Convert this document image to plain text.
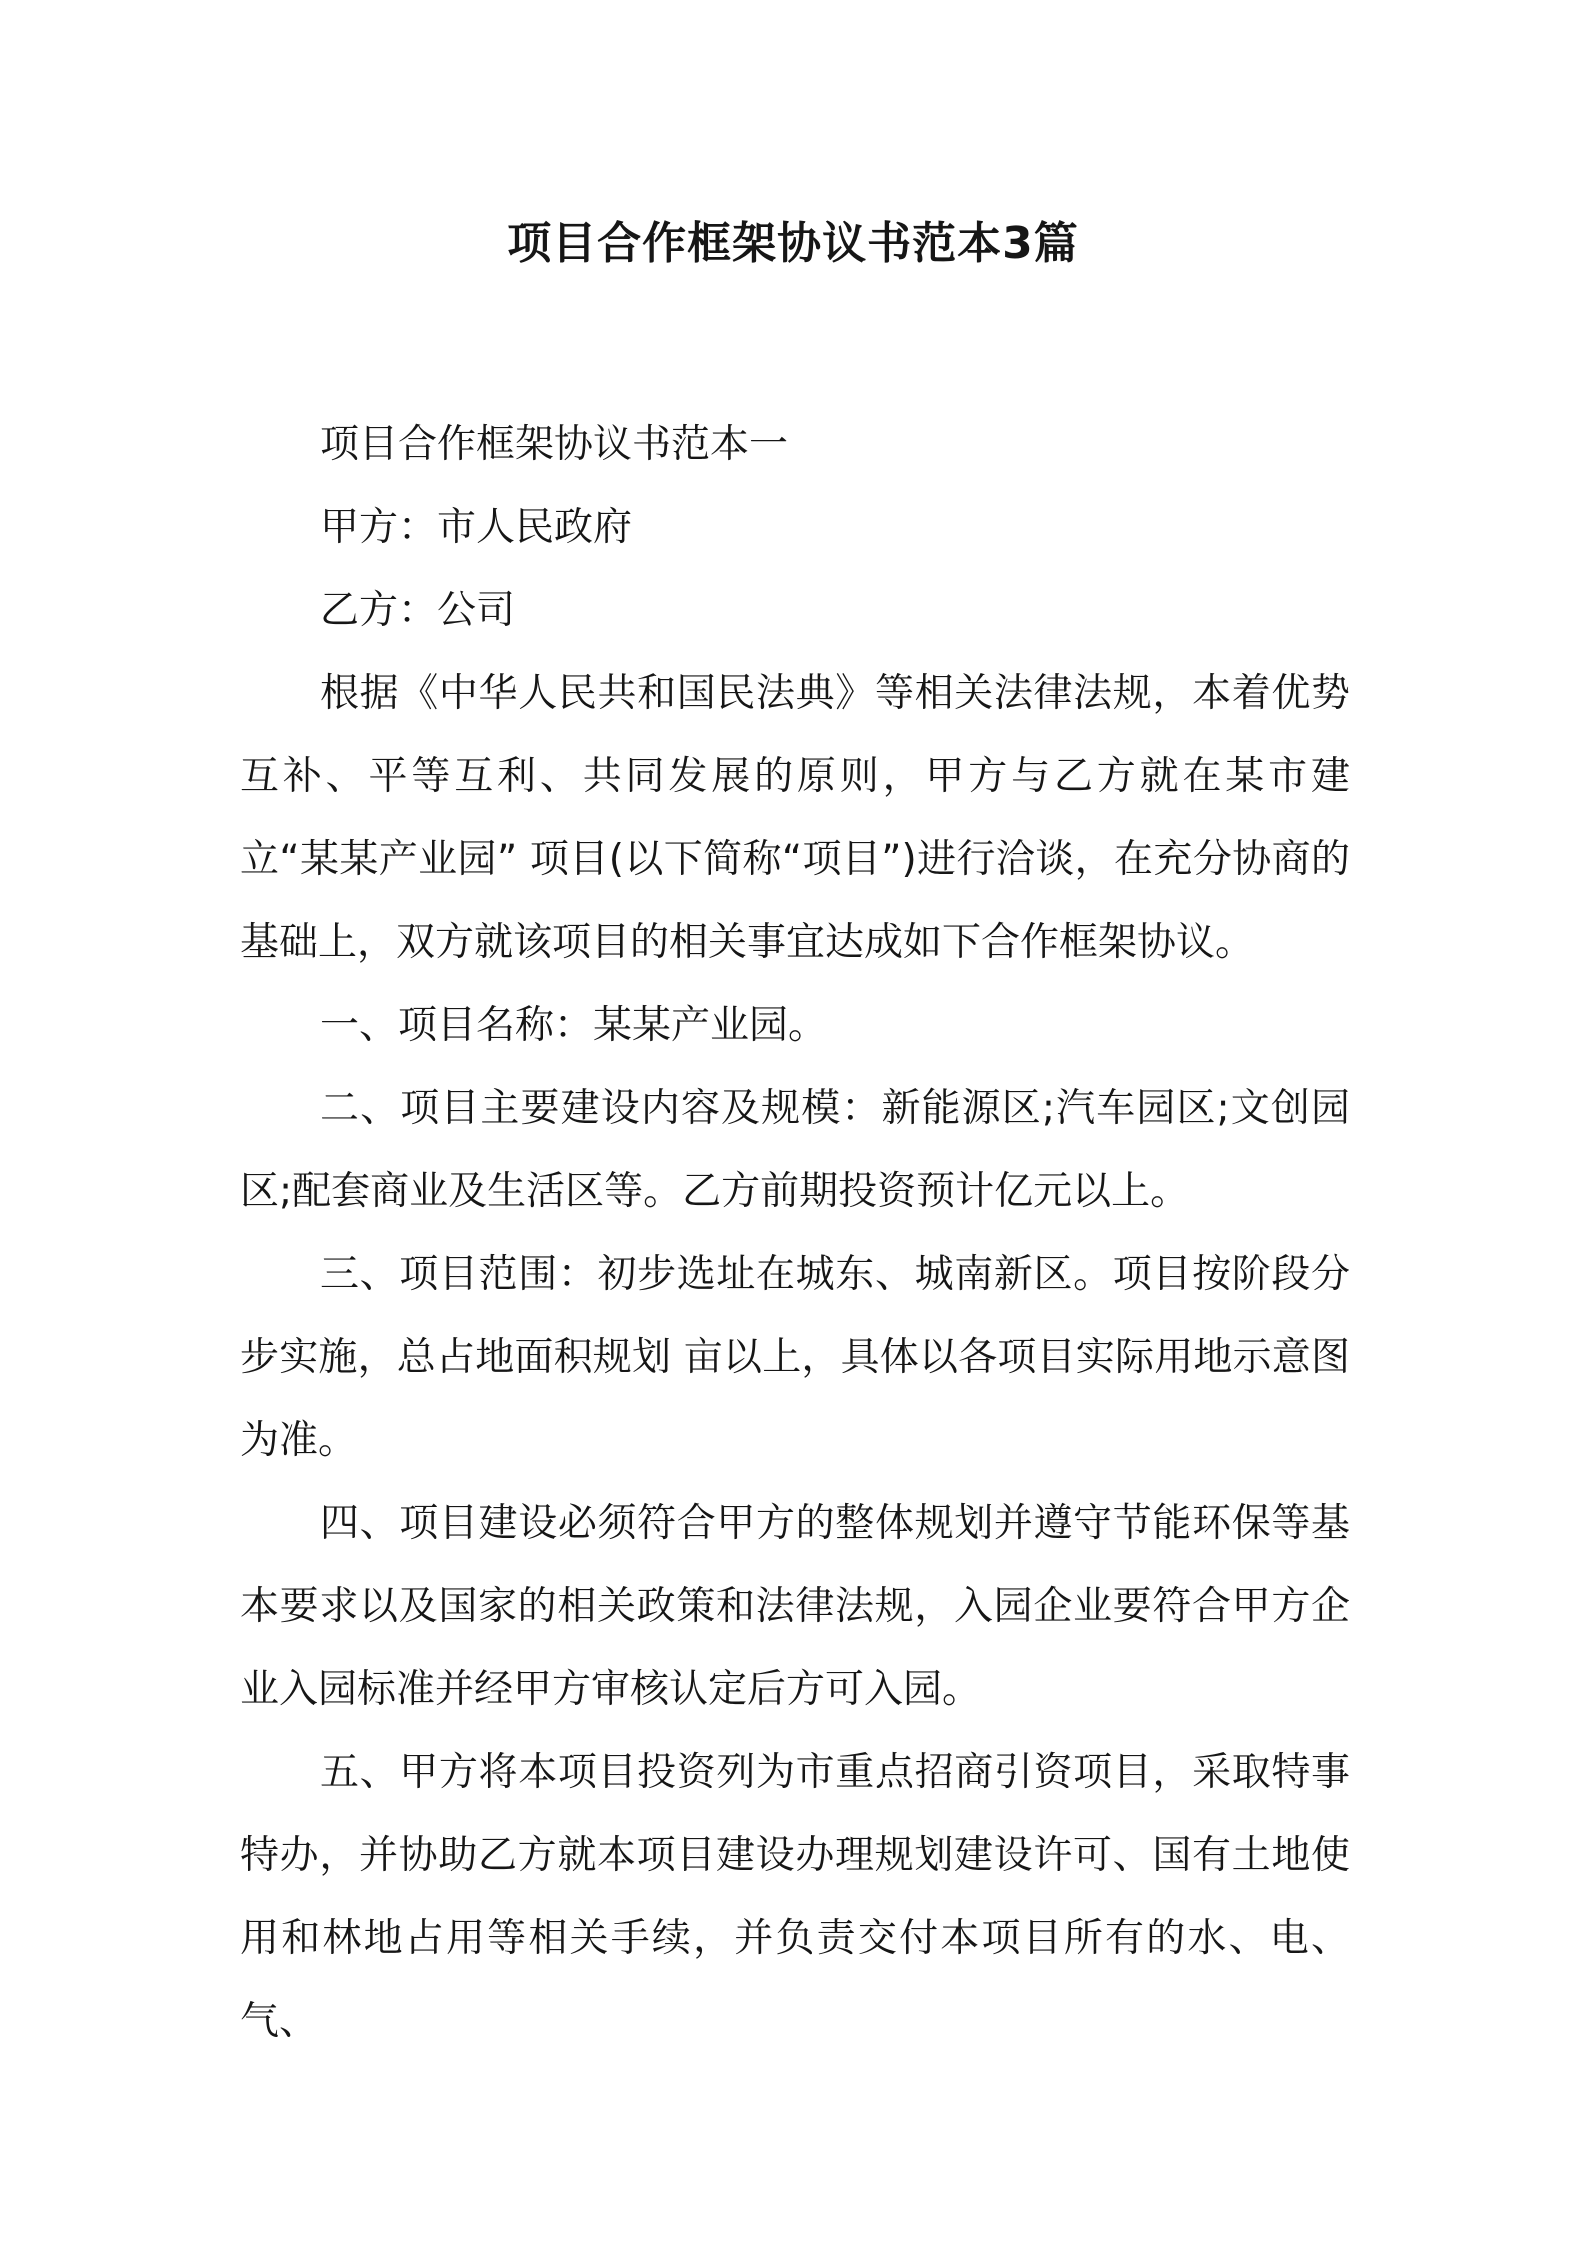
项目合作框架协议书范本3篇

项目合作框架协议书范本一

甲方：市人民政府

乙方：公司

根据《中华人民共和国民法典》等相关法律法规，本着优势互补、平等互利、共同发展的原则，甲方与乙方就在某市建立“某某产业园” 项目(以下简称“项目”)进行洽谈，在充分协商的基础上，双方就该项目的相关事宜达成如下合作框架协议。

一、项目名称：某某产业园。

二、项目主要建设内容及规模：新能源区;汽车园区;文创园区;配套商业及生活区等。乙方前期投资预计亿元以上。

三、项目范围：初步选址在城东、城南新区。项目按阶段分步实施，总占地面积规划 亩以上，具体以各项目实际用地示意图为准。

四、项目建设必须符合甲方的整体规划并遵守节能环保等基本要求以及国家的相关政策和法律法规，入园企业要符合甲方企业入园标准并经甲方审核认定后方可入园。

五、甲方将本项目投资列为市重点招商引资项目，采取特事特办，并协助乙方就本项目建设办理规划建设许可、国有土地使用和林地占用等相关手续，并负责交付本项目所有的水、电、气、
